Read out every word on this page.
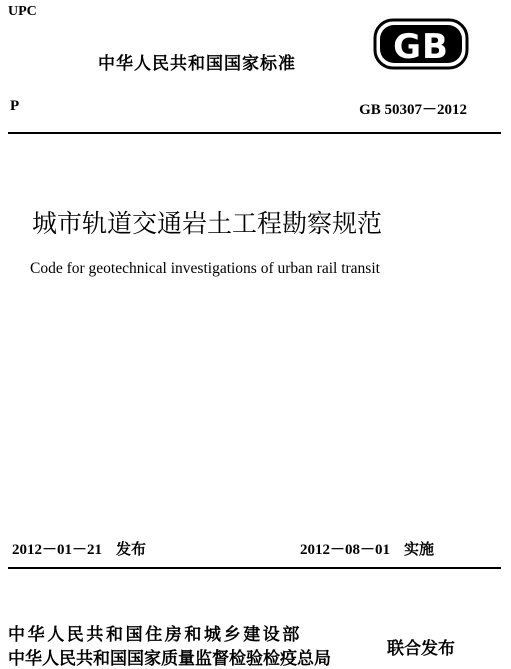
UPC
中华人民共和国国家标准	GB
P	GB 50307－2012
城市轨道交通岩土工程勘察规范
Code for geotechnical investigations of urban rail transit
2012－01－21 发布	2012－08－01 实施
中华人民共和国住房和城乡建设部
中华人民共和国国家质量监督检验检疫总局	联合发布
